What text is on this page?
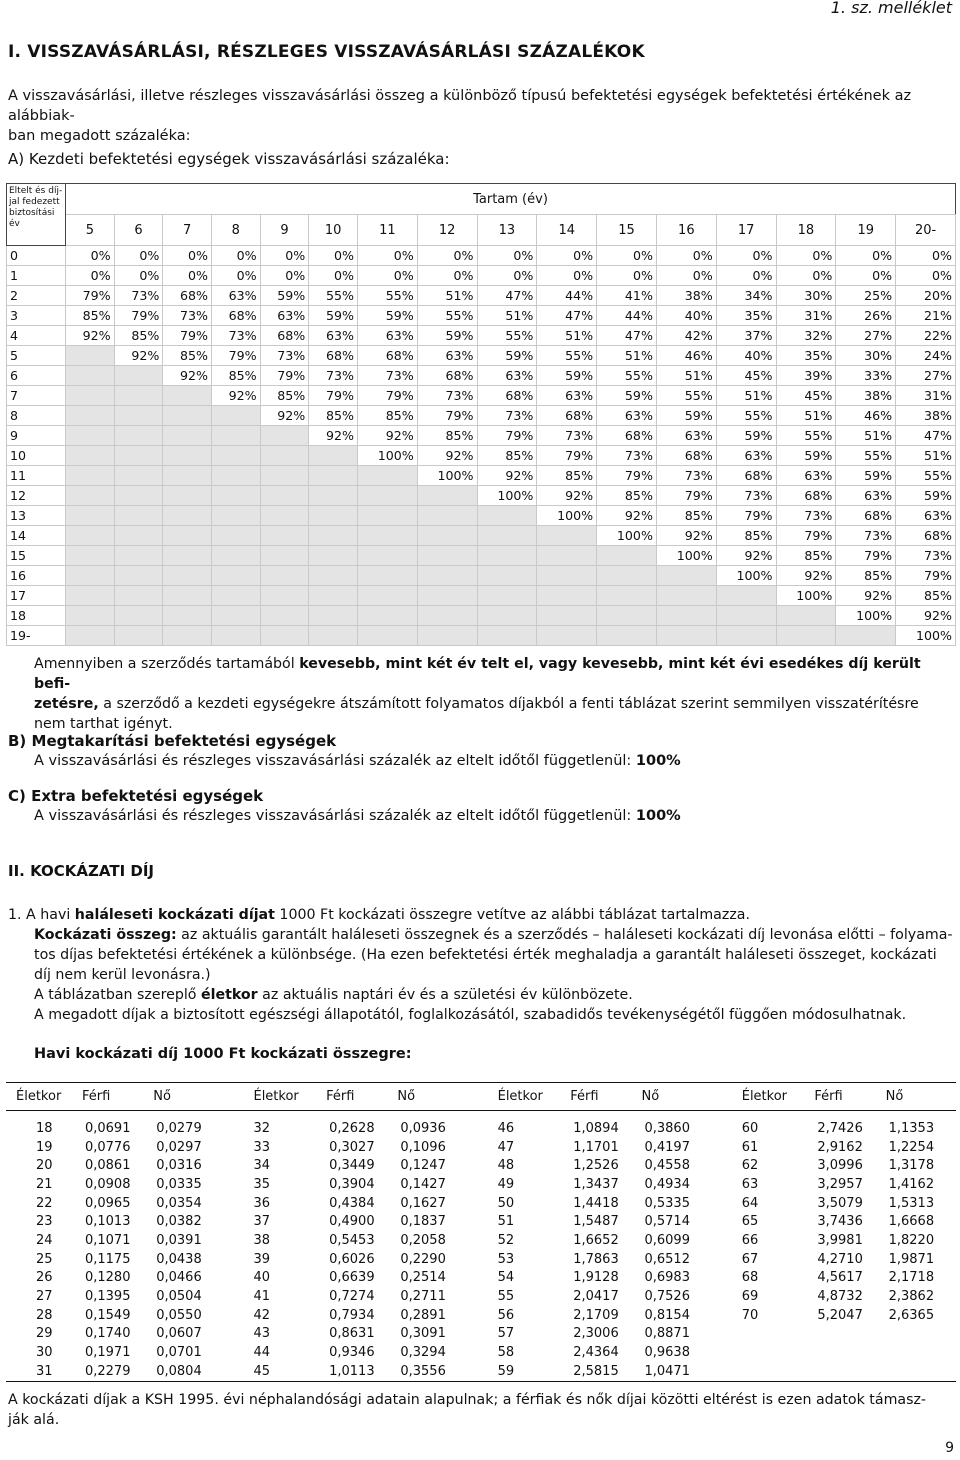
1. sz. melléklet
I. VISSZAVÁSÁRLÁSI, RÉSZLEGES VISSZAVÁSÁRLÁSI SZÁZALÉKOK
A visszavásárlási, illetve részleges visszavásárlási összeg a különböző típusú befektetési egységek befektetési értékének az alábbiak-
ban megadott százaléka:
A) Kezdeti befektetési egységek visszavásárlási százaléka:
Eltelt és díj-
jal fedezett
biztosítási
év	Tartam (év)															
	5	6	7	8	9	10	11	12	13	14	15	16	17	18	19	20-
0	0%	0%	0%	0%	0%	0%	0%	0%	0%	0%	0%	0%	0%	0%	0%	0%
1	0%	0%	0%	0%	0%	0%	0%	0%	0%	0%	0%	0%	0%	0%	0%	0%
2	79%	73%	68%	63%	59%	55%	55%	51%	47%	44%	41%	38%	34%	30%	25%	20%
3	85%	79%	73%	68%	63%	59%	59%	55%	51%	47%	44%	40%	35%	31%	26%	21%
4	92%	85%	79%	73%	68%	63%	63%	59%	55%	51%	47%	42%	37%	32%	27%	22%
5		92%	85%	79%	73%	68%	68%	63%	59%	55%	51%	46%	40%	35%	30%	24%
6			92%	85%	79%	73%	73%	68%	63%	59%	55%	51%	45%	39%	33%	27%
7				92%	85%	79%	79%	73%	68%	63%	59%	55%	51%	45%	38%	31%
8					92%	85%	85%	79%	73%	68%	63%	59%	55%	51%	46%	38%
9						92%	92%	85%	79%	73%	68%	63%	59%	55%	51%	47%
10							100%	92%	85%	79%	73%	68%	63%	59%	55%	51%
11								100%	92%	85%	79%	73%	68%	63%	59%	55%
12									100%	92%	85%	79%	73%	68%	63%	59%
13										100%	92%	85%	79%	73%	68%	63%
14											100%	92%	85%	79%	73%	68%
15												100%	92%	85%	79%	73%
16													100%	92%	85%	79%
17														100%	92%	85%
18															100%	92%
19-																100%
Amennyiben a szerződés tartamából kevesebb, mint két év telt el, vagy kevesebb, mint két évi esedékes díj került befi-
zetésre, a szerződő a kezdeti egységekre átszámított folyamatos díjakból a fenti táblázat szerint semmilyen visszatérítésre
nem tarthat igényt.
B) Megtakarítási befektetési egységek
A visszavásárlási és részleges visszavásárlási százalék az eltelt időtől függetlenül: 100%
C) Extra befektetési egységek
A visszavásárlási és részleges visszavásárlási százalék az eltelt időtől függetlenül: 100%
II. KOCKÁZATI DÍJ
1. A havi haláleseti kockázati díjat 1000 Ft kockázati összegre vetítve az alábbi táblázat tartalmazza.
Kockázati összeg: az aktuális garantált haláleseti összegnek és a szerződés – haláleseti kockázati díj levonása előtti – folyama-
tos díjas befektetési értékének a különbsége. (Ha ezen befektetési érték meghaladja a garantált haláleseti összeget, kockázati
díj nem kerül levonásra.)
A táblázatban szereplő életkor az aktuális naptári év és a születési év különbözete.
A megadott díjak a biztosított egészségi állapotától, foglalkozásától, szabadidős tevékenységétől függően módosulhatnak.
Havi kockázati díj 1000 Ft kockázati összegre:
Életkor	Férfi	Nő	Életkor	Férfi	Nő	Életkor	Férfi	Nő	Életkor	Férfi	Nő

18	0,0691	0,0279	32	0,2628	0,0936	46	1,0894	0,3860	60	2,7426	1,1353
19	0,0776	0,0297	33	0,3027	0,1096	47	1,1701	0,4197	61	2,9162	1,2254
20	0,0861	0,0316	34	0,3449	0,1247	48	1,2526	0,4558	62	3,0996	1,3178
21	0,0908	0,0335	35	0,3904	0,1427	49	1,3437	0,4934	63	3,2957	1,4162
22	0,0965	0,0354	36	0,4384	0,1627	50	1,4418	0,5335	64	3,5079	1,5313
23	0,1013	0,0382	37	0,4900	0,1837	51	1,5487	0,5714	65	3,7436	1,6668
24	0,1071	0,0391	38	0,5453	0,2058	52	1,6652	0,6099	66	3,9981	1,8220
25	0,1175	0,0438	39	0,6026	0,2290	53	1,7863	0,6512	67	4,2710	1,9871
26	0,1280	0,0466	40	0,6639	0,2514	54	1,9128	0,6983	68	4,5617	2,1718
27	0,1395	0,0504	41	0,7274	0,2711	55	2,0417	0,7526	69	4,8732	2,3862
28	0,1549	0,0550	42	0,7934	0,2891	56	2,1709	0,8154	70	5,2047	2,6365
29	0,1740	0,0607	43	0,8631	0,3091	57	2,3006	0,8871			
30	0,1971	0,0701	44	0,9346	0,3294	58	2,4364	0,9638			
31	0,2279	0,0804	45	1,0113	0,3556	59	2,5815	1,0471			
A kockázati díjak a KSH 1995. évi néphalandósági adatain alapulnak; a férfiak és nők díjai közötti eltérést is ezen adatok támasz-
ják alá.
9
